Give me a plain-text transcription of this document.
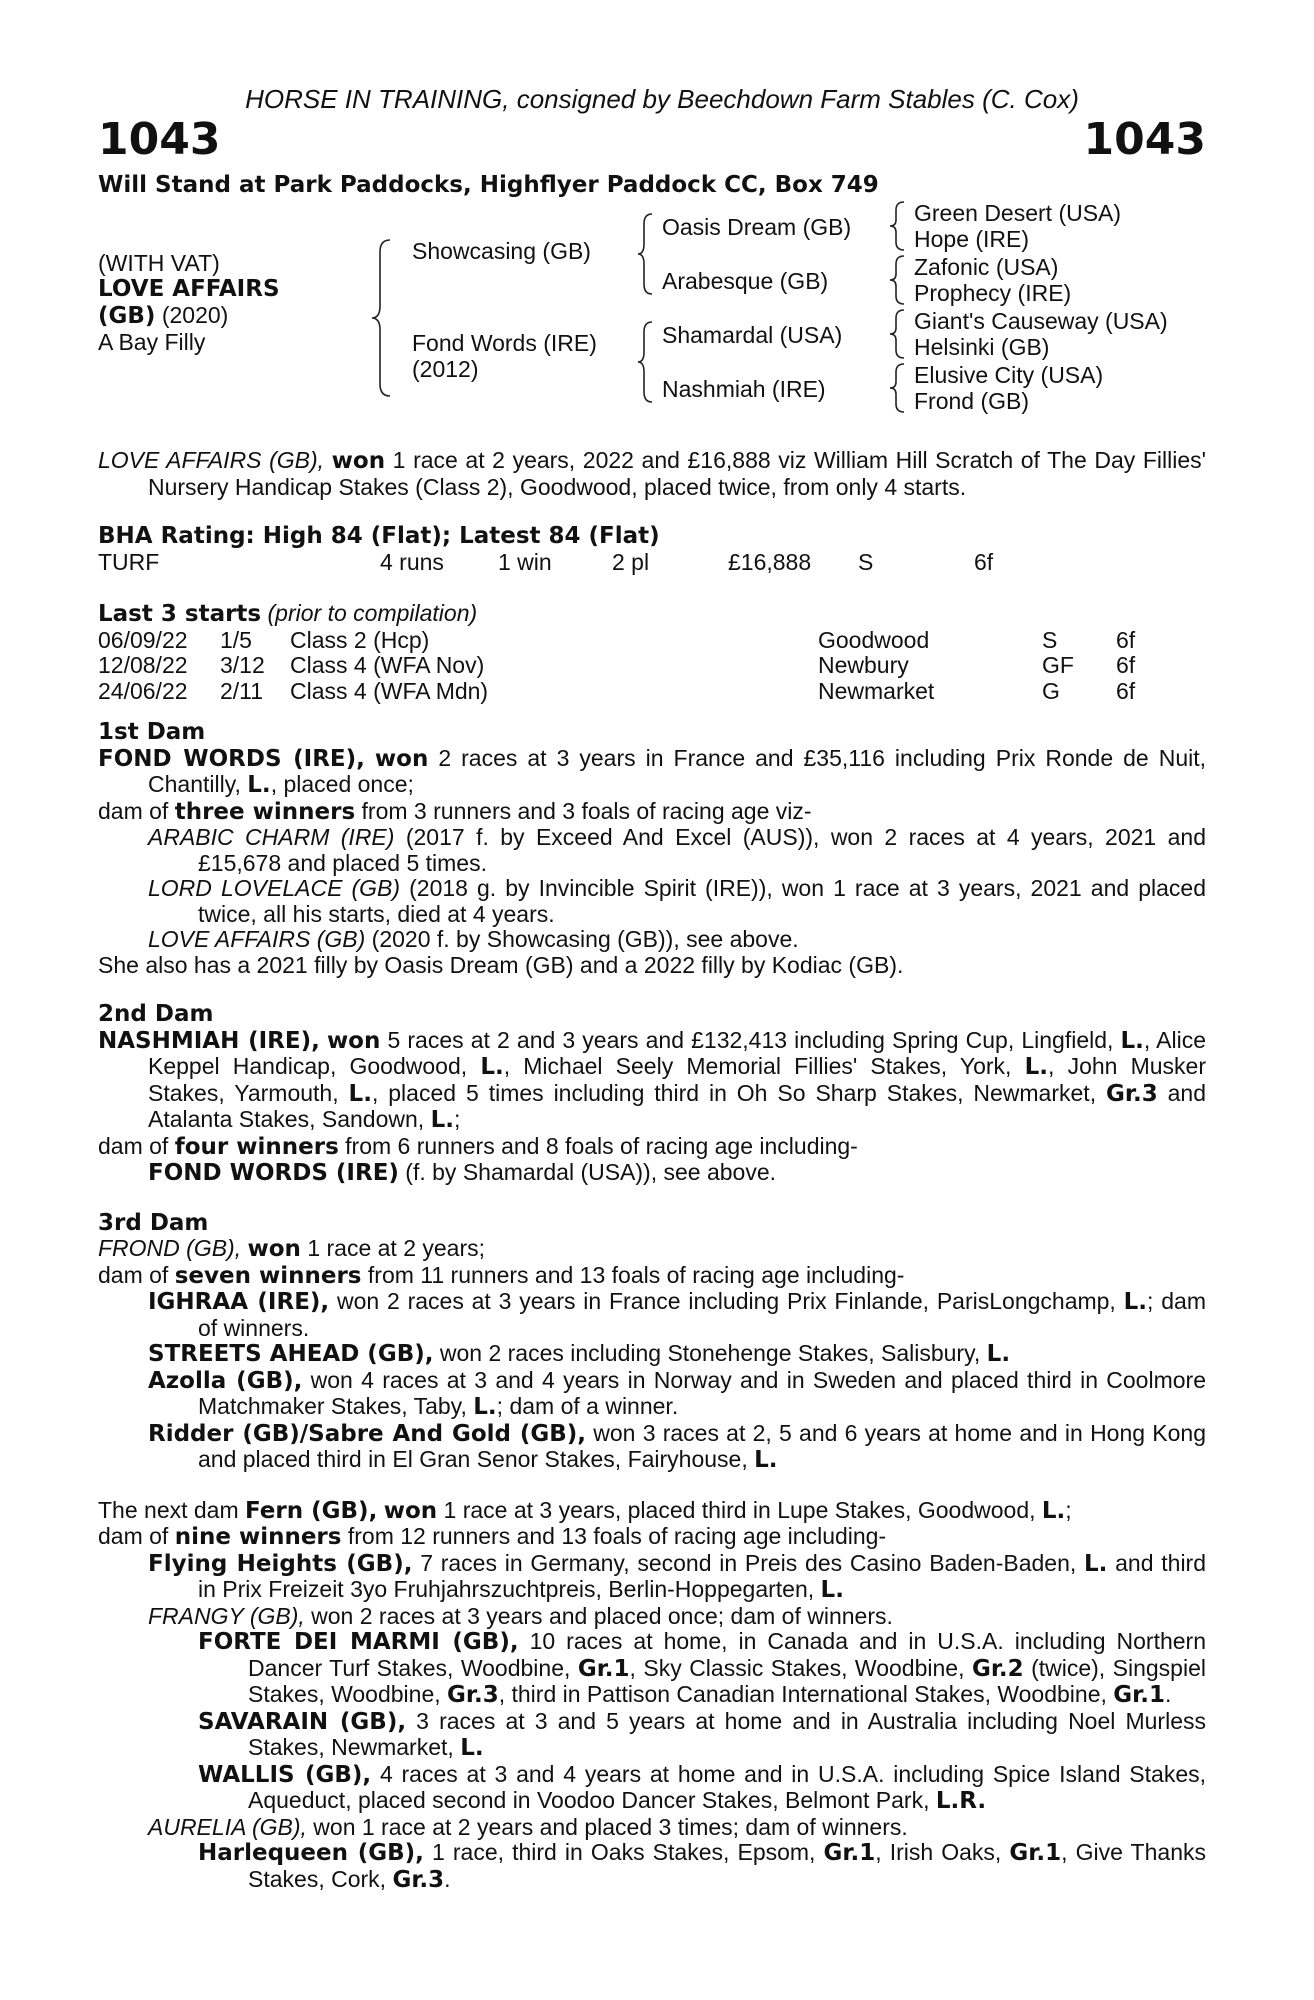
HORSE IN TRAINING, consigned by Beechdown Farm Stables (C. Cox)
1043	1043
Will Stand at Park Paddocks, Highflyer Paddock CC, Box 749
(WITH VAT)
LOVE AFFAIRS
(GB) (2020)
A Bay Filly
Showcasing (GB)
Fond Words (IRE)
(2012)
Oasis Dream (GB)
Arabesque (GB)
Shamardal (USA)
Nashmiah (IRE)
Green Desert (USA)
Hope (IRE)
Zafonic (USA)
Prophecy (IRE)
Giant's Causeway (USA)
Helsinki (GB)
Elusive City (USA)
Frond (GB)
LOVE AFFAIRS (GB), won 1 race at 2 years, 2022 and £16,888 viz William Hill Scratch of The Day Fillies' Nursery Handicap Stakes (Class 2), Goodwood, placed twice, from only 4 starts.
BHA Rating: High 84 (Flat); Latest 84 (Flat)
TURF	4 runs 1 win	2 pl	£16,888 S	6f
Last 3 starts (prior to compilation)
06/09/22 1/5 Class 2 (Hcp)	Goodwood	S	6f
12/08/22 3/12 Class 4 (WFA Nov)	Newbury	GF 6f
24/06/22 2/11 Class 4 (WFA Mdn)	Newmarket	G 6f
1st Dam
FOND WORDS (IRE), won 2 races at 3 years in France and £35,116 including Prix Ronde de Nuit, Chantilly, L., placed once;
dam of three winners from 3 runners and 3 foals of racing age viz-
ARABIC CHARM (IRE) (2017 f. by Exceed And Excel (AUS)), won 2 races at 4 years, 2021 and £15,678 and placed 5 times.
LORD LOVELACE (GB) (2018 g. by Invincible Spirit (IRE)), won 1 race at 3 years, 2021 and placed twice, all his starts, died at 4 years.
LOVE AFFAIRS (GB) (2020 f. by Showcasing (GB)), see above.
She also has a 2021 filly by Oasis Dream (GB) and a 2022 filly by Kodiac (GB).
2nd Dam
NASHMIAH (IRE), won 5 races at 2 and 3 years and £132,413 including Spring Cup, Lingfield, L., Alice Keppel Handicap, Goodwood, L., Michael Seely Memorial Fillies' Stakes, York, L., John Musker Stakes, Yarmouth, L., placed 5 times including third in Oh So Sharp Stakes, Newmarket, Gr.3 and Atalanta Stakes, Sandown, L.;
dam of four winners from 6 runners and 8 foals of racing age including-
FOND WORDS (IRE) (f. by Shamardal (USA)), see above.
3rd Dam
FROND (GB), won 1 race at 2 years;
dam of seven winners from 11 runners and 13 foals of racing age including-
IGHRAA (IRE), won 2 races at 3 years in France including Prix Finlande, ParisLongchamp, L.; dam of winners.
STREETS AHEAD (GB), won 2 races including Stonehenge Stakes, Salisbury, L.
Azolla (GB), won 4 races at 3 and 4 years in Norway and in Sweden and placed third in Coolmore Matchmaker Stakes, Taby, L.; dam of a winner.
Ridder (GB)/Sabre And Gold (GB), won 3 races at 2, 5 and 6 years at home and in Hong Kong and placed third in El Gran Senor Stakes, Fairyhouse, L.
The next dam Fern (GB), won 1 race at 3 years, placed third in Lupe Stakes, Goodwood, L.;
dam of nine winners from 12 runners and 13 foals of racing age including-
Flying Heights (GB), 7 races in Germany, second in Preis des Casino Baden-Baden, L. and third in Prix Freizeit 3yo Fruhjahrszuchtpreis, Berlin-Hoppegarten, L.
FRANGY (GB), won 2 races at 3 years and placed once; dam of winners.
FORTE DEI MARMI (GB), 10 races at home, in Canada and in U.S.A. including Northern Dancer Turf Stakes, Woodbine, Gr.1, Sky Classic Stakes, Woodbine, Gr.2 (twice), Singspiel Stakes, Woodbine, Gr.3, third in Pattison Canadian International Stakes, Woodbine, Gr.1.
SAVARAIN (GB), 3 races at 3 and 5 years at home and in Australia including Noel Murless Stakes, Newmarket, L.
WALLIS (GB), 4 races at 3 and 4 years at home and in U.S.A. including Spice Island Stakes, Aqueduct, placed second in Voodoo Dancer Stakes, Belmont Park, L.R.
AURELIA (GB), won 1 race at 2 years and placed 3 times; dam of winners.
Harlequeen (GB), 1 race, third in Oaks Stakes, Epsom, Gr.1, Irish Oaks, Gr.1, Give Thanks Stakes, Cork, Gr.3.
